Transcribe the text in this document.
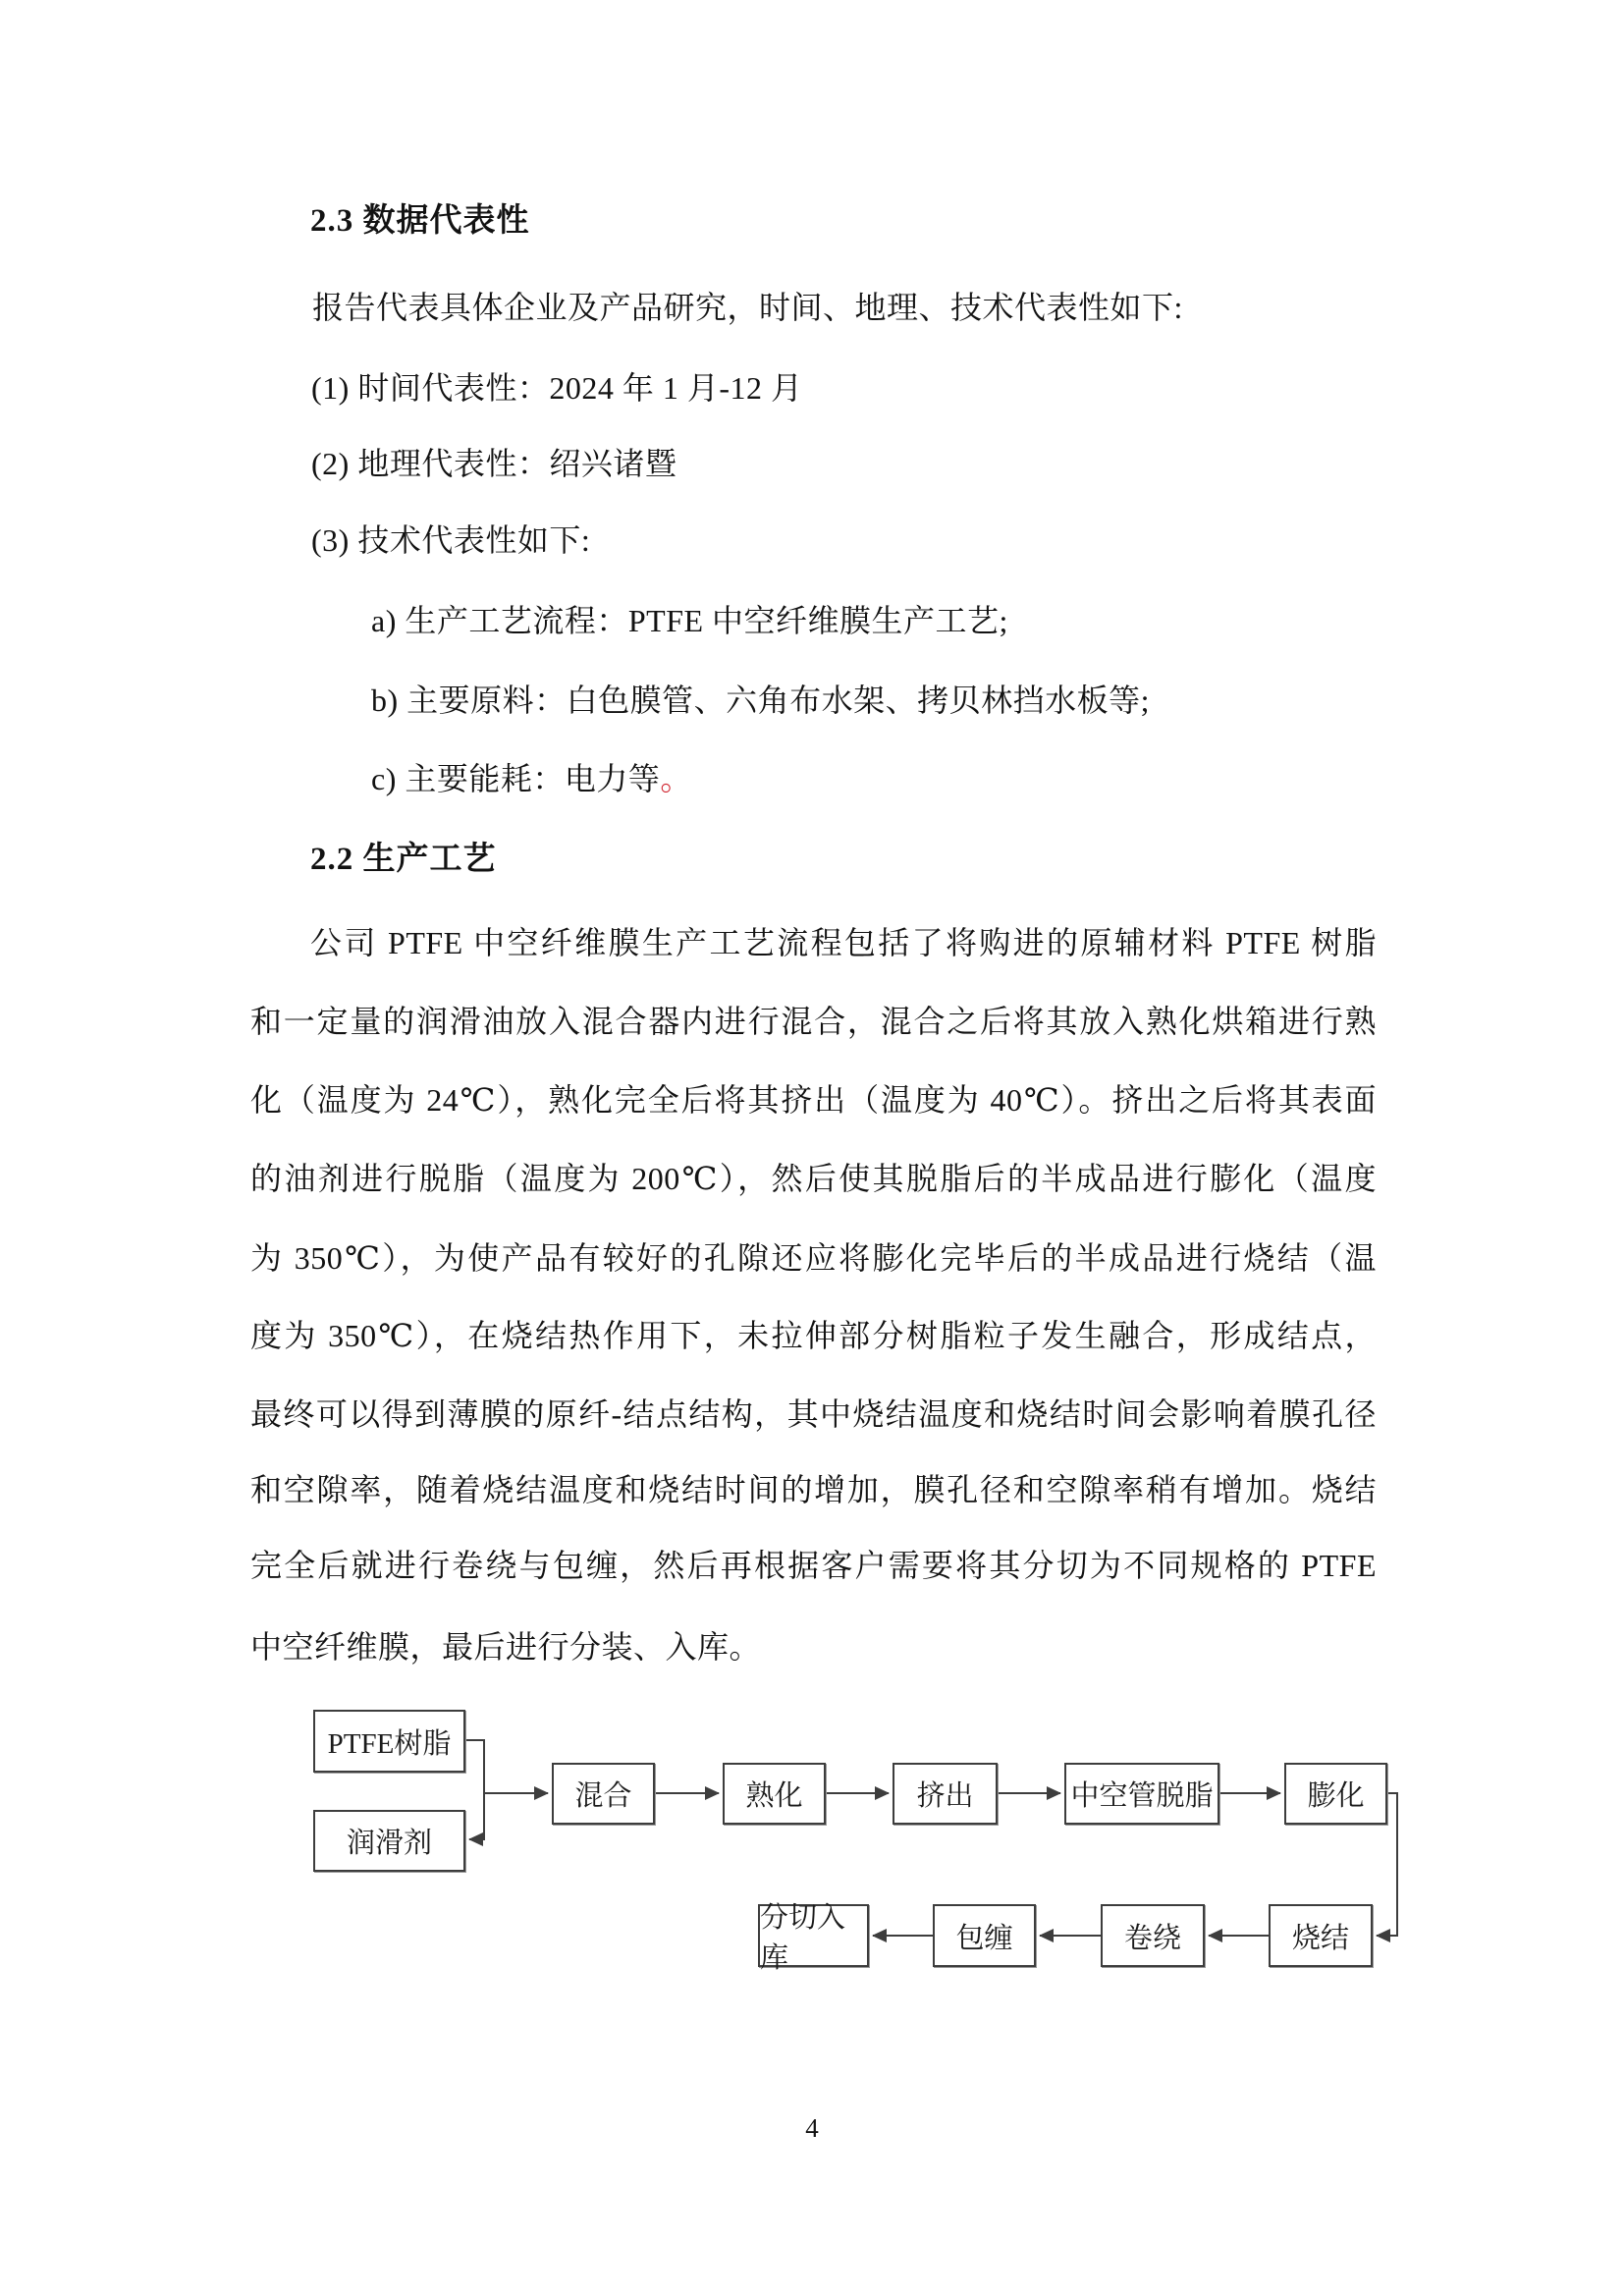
2.3 数据代表性
报告代表具体企业及产品研究，时间、地理、技术代表性如下:
(1) 时间代表性：2024 年 1 月-12 月
(2) 地理代表性：绍兴诸暨
(3) 技术代表性如下:
a) 生产工艺流程：PTFE 中空纤维膜生产工艺;
b) 主要原料：白色膜管、六角布水架、拷贝林挡水板等;
c) 主要能耗：电力等。
2.2 生产工艺
公司 PTFE 中空纤维膜生产工艺流程包括了将购进的原辅材料 PTFE 树脂
和一定量的润滑油放入混合器内进行混合，混合之后将其放入熟化烘箱进行熟
化（温度为 24℃），熟化完全后将其挤出（温度为 40℃）。挤出之后将其表面
的油剂进行脱脂（温度为 200℃），然后使其脱脂后的半成品进行膨化（温度
为 350℃），为使产品有较好的孔隙还应将膨化完毕后的半成品进行烧结（温
度为 350℃），在烧结热作用下，未拉伸部分树脂粒子发生融合，形成结点，
最终可以得到薄膜的原纤-结点结构，其中烧结温度和烧结时间会影响着膜孔径
和空隙率，随着烧结温度和烧结时间的增加，膜孔径和空隙率稍有增加。烧结
完全后就进行卷绕与包缠，然后再根据客户需要将其分切为不同规格的 PTFE
中空纤维膜，最后进行分装、入库。
PTFE树脂
润滑剂
混合	熟化	挤出	中空管脱脂	膨化
分切入库
包缠	卷绕	烧结
4
